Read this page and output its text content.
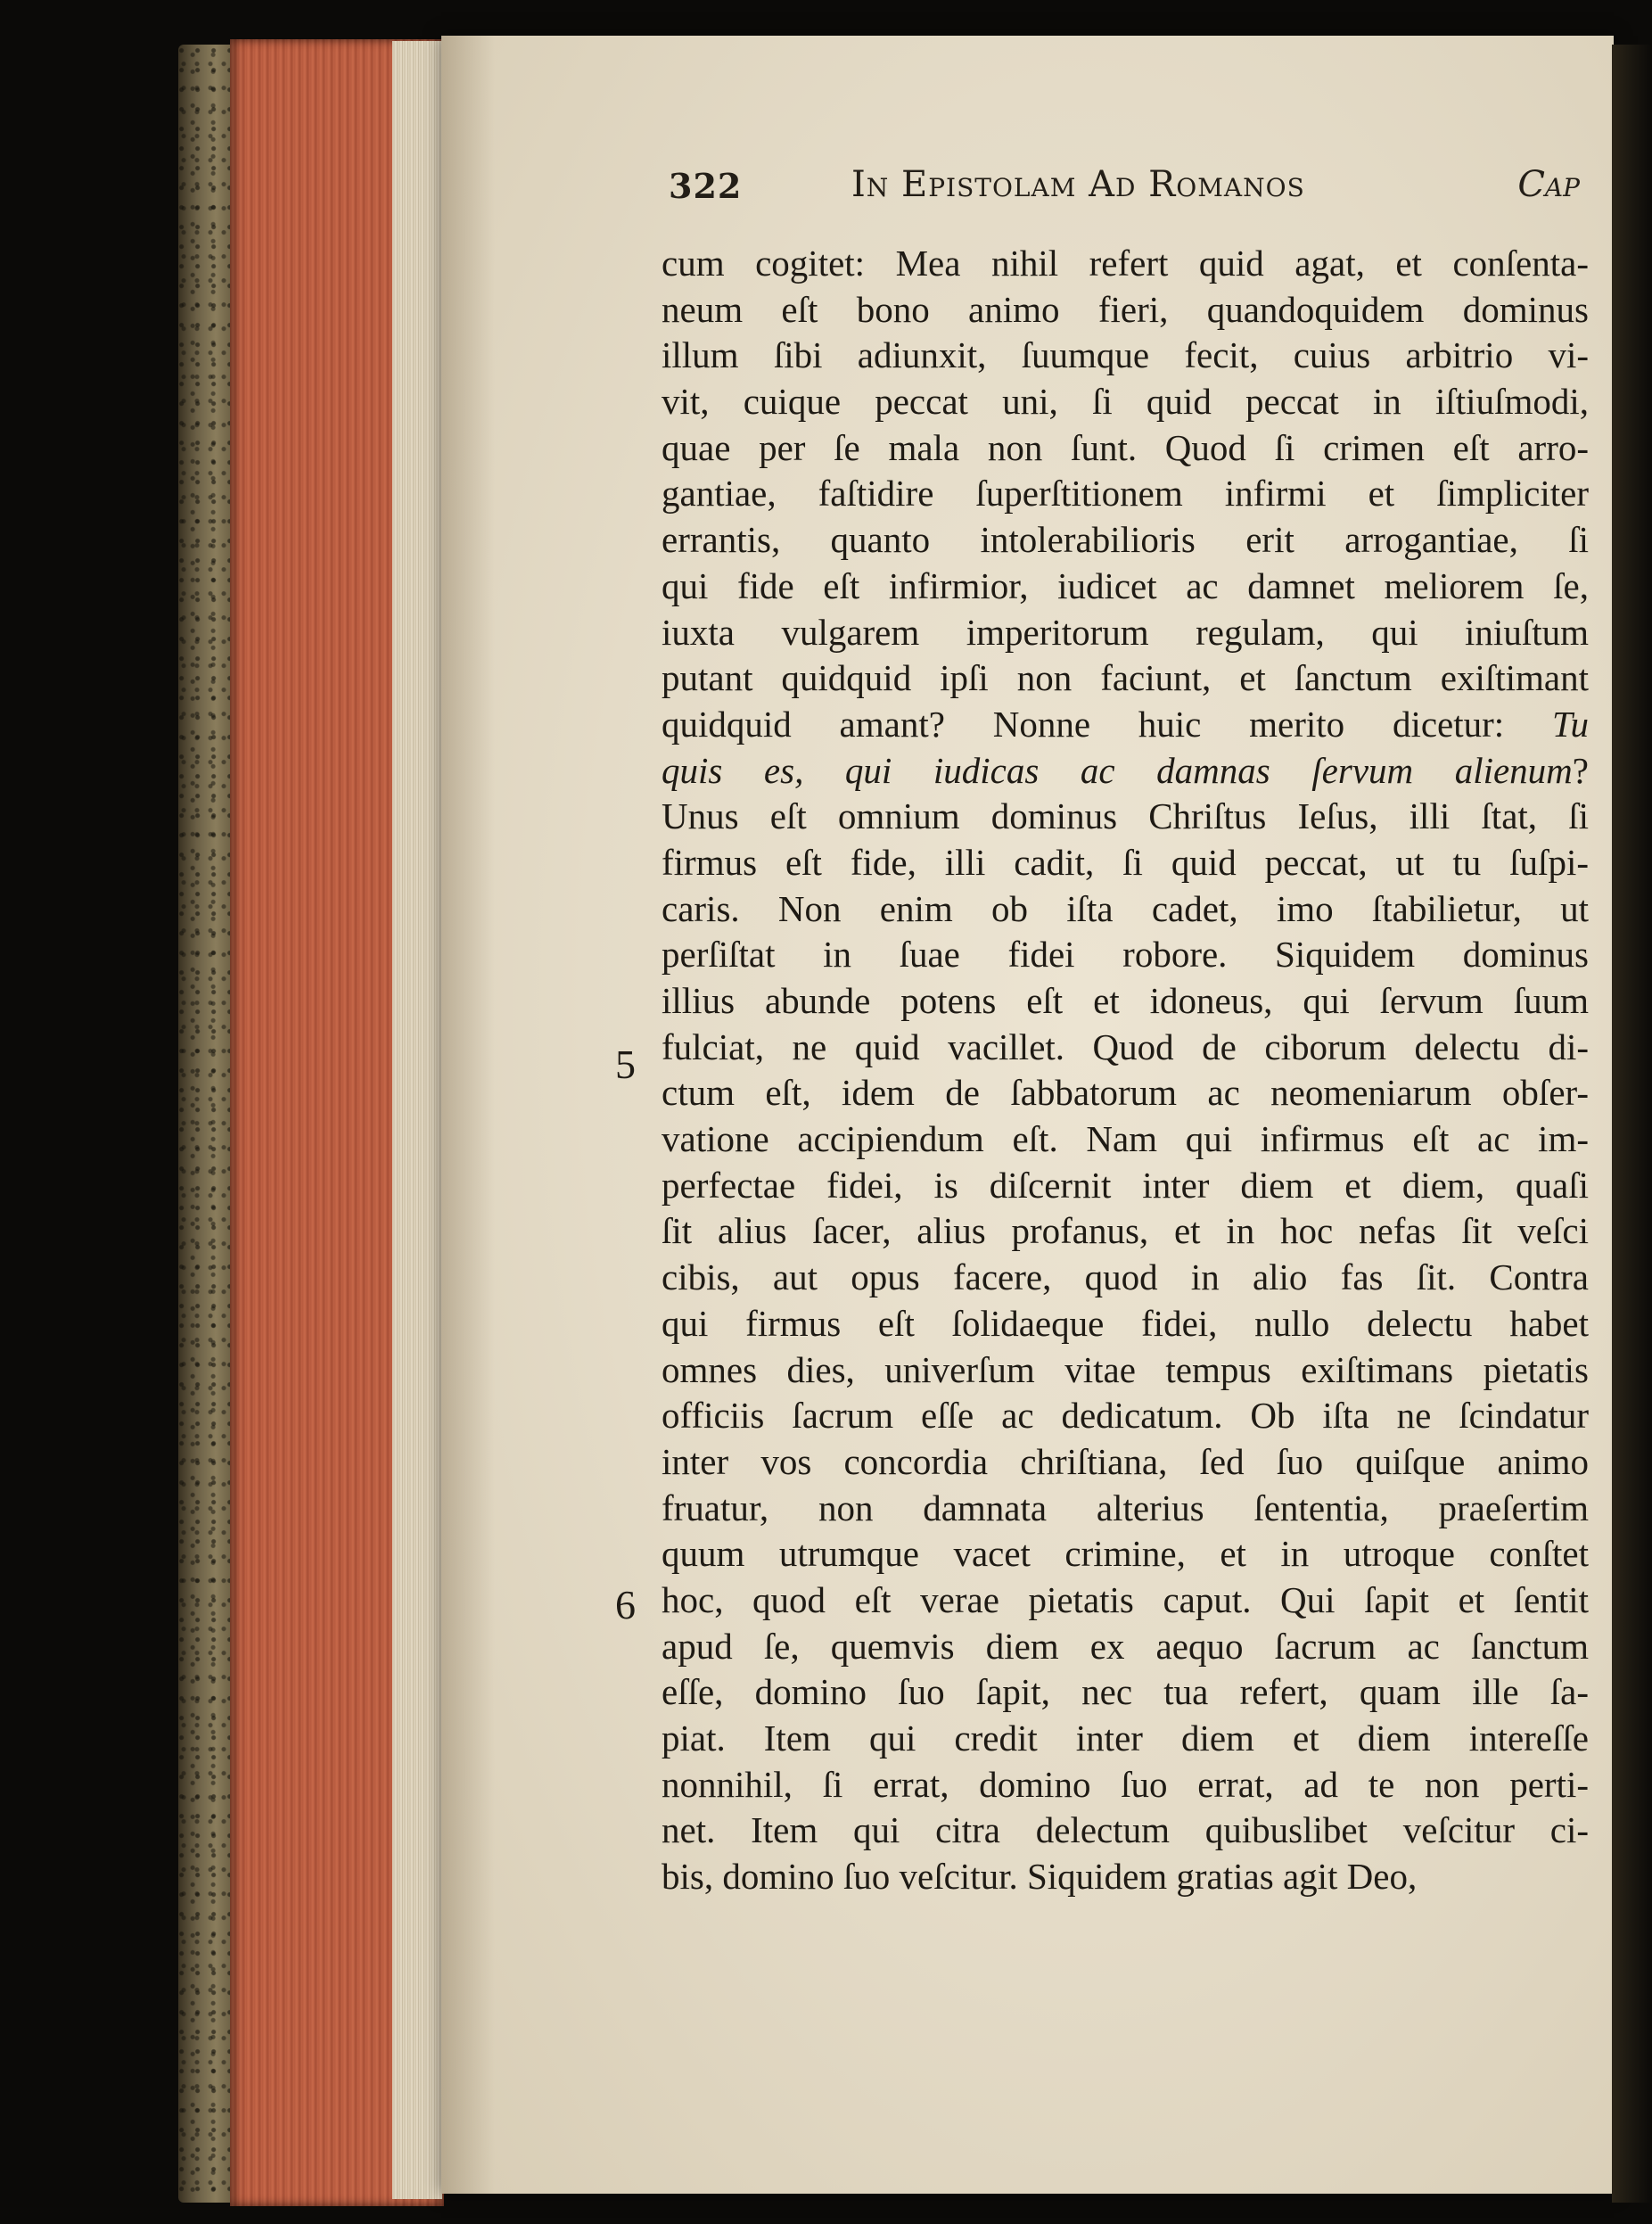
322	In Epistolam Ad Romanos	Cap
cum cogitet: Mea nihil refert quid agat, et conſenta-
neum eſt bono animo fieri, quandoquidem dominus
illum ſibi adiunxit, ſuumque fecit, cuius arbitrio vi-
vit, cuique peccat uni, ſi quid peccat in iſtiuſmodi,
quae per ſe mala non ſunt. Quod ſi crimen eſt arro-
gantiae, faſtidire ſuperſtitionem infirmi et ſimpliciter
errantis, quanto intolerabilioris erit arrogantiae, ſi
qui fide eſt infirmior, iudicet ac damnet meliorem ſe,
iuxta vulgarem imperitorum regulam, qui iniuſtum
putant quidquid ipſi non faciunt, et ſanctum exiſtimant
quidquid amant? Nonne huic merito dicetur: Tu
quis es, qui iudicas ac damnas ſervum alienum?
Unus eſt omnium dominus Chriſtus Ieſus, illi ſtat, ſi
firmus eſt fide, illi cadit, ſi quid peccat, ut tu ſuſpi-
caris. Non enim ob iſta cadet, imo ſtabilietur, ut
perſiſtat in ſuae fidei robore. Siquidem dominus
illius abunde potens eſt et idoneus, qui ſervum ſuum
fulciat, ne quid vacillet. Quod de ciborum delectu di-
ctum eſt, idem de ſabbatorum ac neomeniarum obſer-
vatione accipiendum eſt. Nam qui infirmus eſt ac im-
perfectae fidei, is diſcernit inter diem et diem, quaſi
ſit alius ſacer, alius profanus, et in hoc nefas ſit veſci
cibis, aut opus facere, quod in alio fas ſit. Contra
qui firmus eſt ſolidaeque fidei, nullo delectu habet
omnes dies, univerſum vitae tempus exiſtimans pietatis
officiis ſacrum eſſe ac dedicatum. Ob iſta ne ſcindatur
inter vos concordia chriſtiana, ſed ſuo quiſque animo
fruatur, non damnata alterius ſententia, praeſertim
quum utrumque vacet crimine, et in utroque conſtet
hoc, quod eſt verae pietatis caput. Qui ſapit et ſentit
apud ſe, quemvis diem ex aequo ſacrum ac ſanctum
eſſe, domino ſuo ſapit, nec tua refert, quam ille ſa-
piat. Item qui credit inter diem et diem intereſſe
nonnihil, ſi errat, domino ſuo errat, ad te non perti-
net. Item qui citra delectum quibuslibet veſcitur ci-
bis, domino ſuo veſcitur. Siquidem gratias agit Deo,
5
6
